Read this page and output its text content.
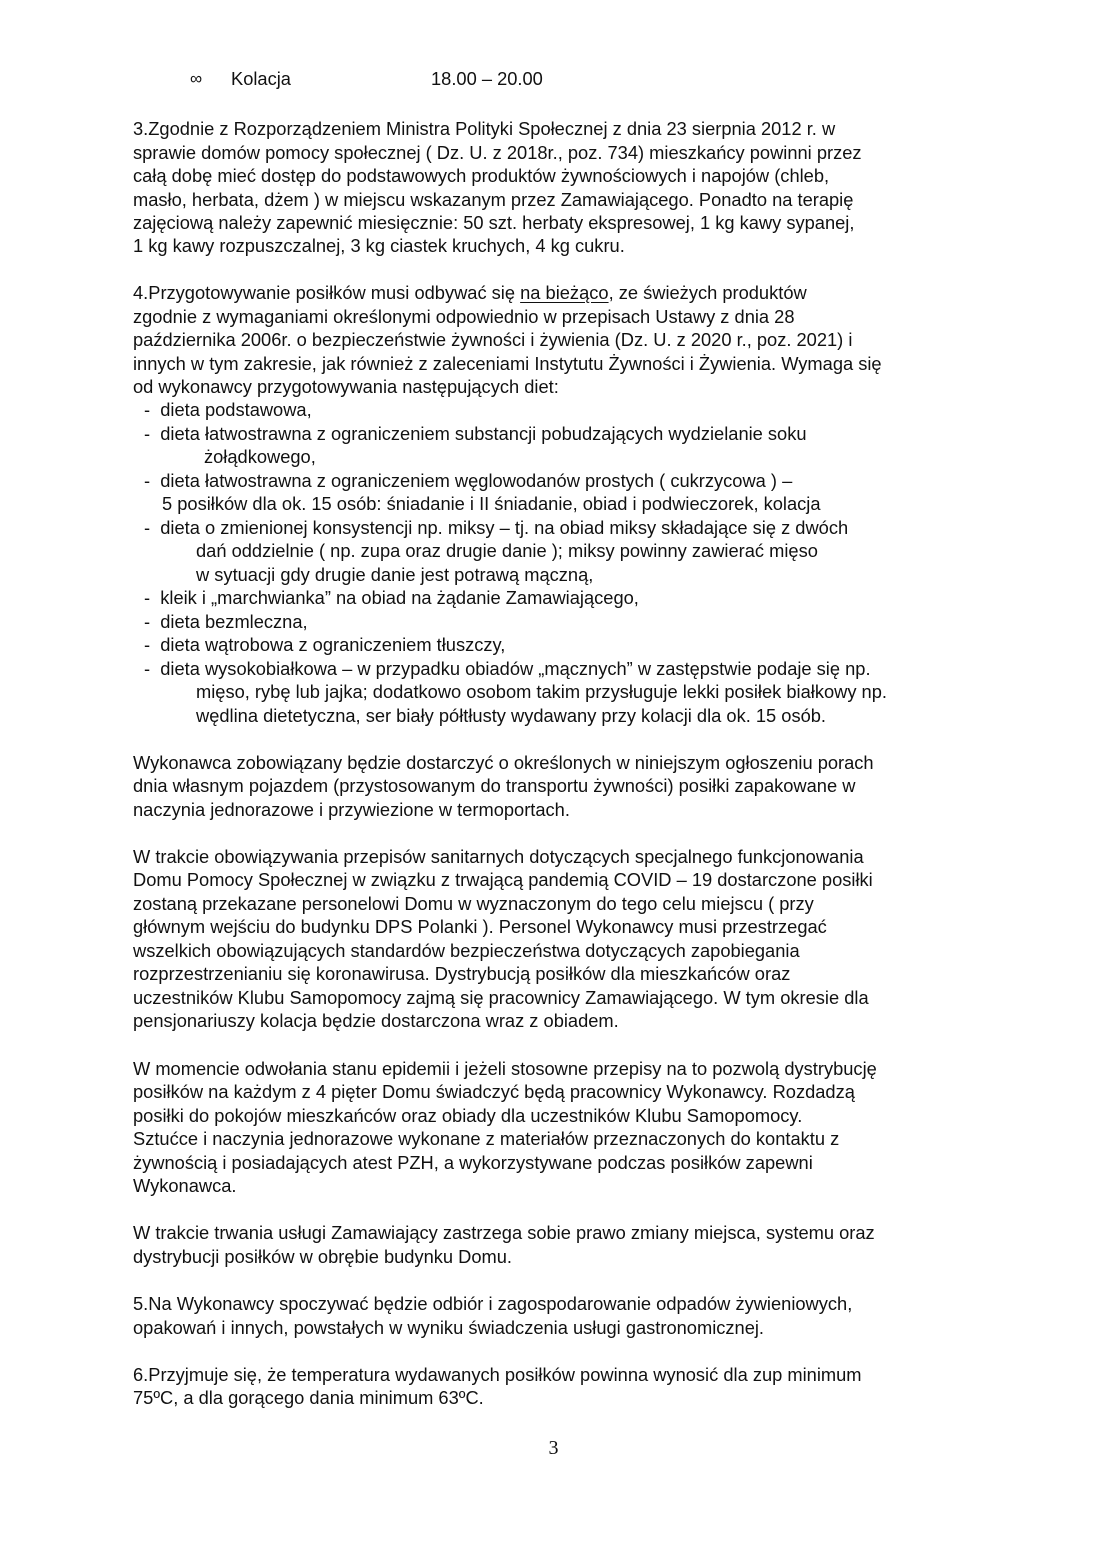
∞ Kolacja	18.00 – 20.00
3.Zgodnie z Rozporządzeniem Ministra Polityki Społecznej z dnia 23 sierpnia 2012 r. w
sprawie domów pomocy społecznej ( Dz. U. z 2018r., poz. 734) mieszkańcy powinni przez
całą dobę mieć dostęp do podstawowych produktów żywnościowych i napojów (chleb,
masło, herbata, dżem ) w miejscu wskazanym przez Zamawiającego. Ponadto na terapię
zajęciową należy zapewnić miesięcznie: 50 szt. herbaty ekspresowej, 1 kg kawy sypanej,
1 kg kawy rozpuszczalnej, 3 kg ciastek kruchych, 4 kg cukru.
4.Przygotowywanie posiłków musi odbywać się na bieżąco, ze świeżych produktów
zgodnie z wymaganiami określonymi odpowiednio w przepisach Ustawy z dnia 28
października 2006r. o bezpieczeństwie żywności i żywienia (Dz. U. z 2020 r., poz. 2021) i
innych w tym zakresie, jak również z zaleceniami Instytutu Żywności i Żywienia. Wymaga się
od wykonawcy przygotowywania następujących diet:
-  dieta podstawowa,
-  dieta łatwostrawna z ograniczeniem substancji pobudzających wydzielanie soku
żołądkowego,
-  dieta łatwostrawna z ograniczeniem węglowodanów prostych ( cukrzycowa ) –
5 posiłków dla ok. 15 osób: śniadanie i II śniadanie, obiad i podwieczorek, kolacja
-  dieta o zmienionej konsystencji np. miksy – tj. na obiad miksy składające się z dwóch
dań oddzielnie ( np. zupa oraz drugie danie ); miksy powinny zawierać mięso
w sytuacji gdy drugie danie jest potrawą mączną,
-  kleik i „marchwianka” na obiad na żądanie Zamawiającego,
-  dieta bezmleczna,
-  dieta wątrobowa z ograniczeniem tłuszczy,
-  dieta wysokobiałkowa – w przypadku obiadów „mącznych” w zastępstwie podaje się np.
mięso, rybę lub jajka; dodatkowo osobom takim przysługuje lekki posiłek białkowy np.
wędlina dietetyczna, ser biały półtłusty wydawany przy kolacji dla ok. 15 osób.
Wykonawca zobowiązany będzie dostarczyć o określonych w niniejszym ogłoszeniu porach
dnia własnym pojazdem (przystosowanym do transportu żywności) posiłki zapakowane w
naczynia jednorazowe i przywiezione w termoportach.
W trakcie obowiązywania przepisów sanitarnych dotyczących specjalnego funkcjonowania
Domu Pomocy Społecznej w związku z trwającą pandemią COVID – 19 dostarczone posiłki
zostaną przekazane personelowi Domu w wyznaczonym do tego celu miejscu ( przy
głównym wejściu do budynku DPS Polanki ). Personel Wykonawcy musi przestrzegać
wszelkich obowiązujących standardów bezpieczeństwa dotyczących zapobiegania
rozprzestrzenianiu się koronawirusa. Dystrybucją posiłków dla mieszkańców oraz
uczestników Klubu Samopomocy zajmą się pracownicy Zamawiającego. W tym okresie dla
pensjonariuszy kolacja będzie dostarczona wraz z obiadem.
W momencie odwołania stanu epidemii i jeżeli stosowne przepisy na to pozwolą dystrybucję
posiłków na każdym z 4 pięter Domu świadczyć będą pracownicy Wykonawcy. Rozdadzą
posiłki do pokojów mieszkańców oraz obiady dla uczestników Klubu Samopomocy.
Sztućce i naczynia jednorazowe wykonane z materiałów przeznaczonych do kontaktu z
żywnością i posiadających atest PZH, a wykorzystywane podczas posiłków zapewni
Wykonawca.
W trakcie trwania usługi Zamawiający zastrzega sobie prawo zmiany miejsca, systemu oraz
dystrybucji posiłków w obrębie budynku Domu.
5.Na Wykonawcy spoczywać będzie odbiór i zagospodarowanie odpadów żywieniowych,
opakowań i innych, powstałych w wyniku świadczenia usługi gastronomicznej.
6.Przyjmuje się, że temperatura wydawanych posiłków powinna wynosić dla zup minimum
75ºC, a dla gorącego dania minimum 63ºC.
3
